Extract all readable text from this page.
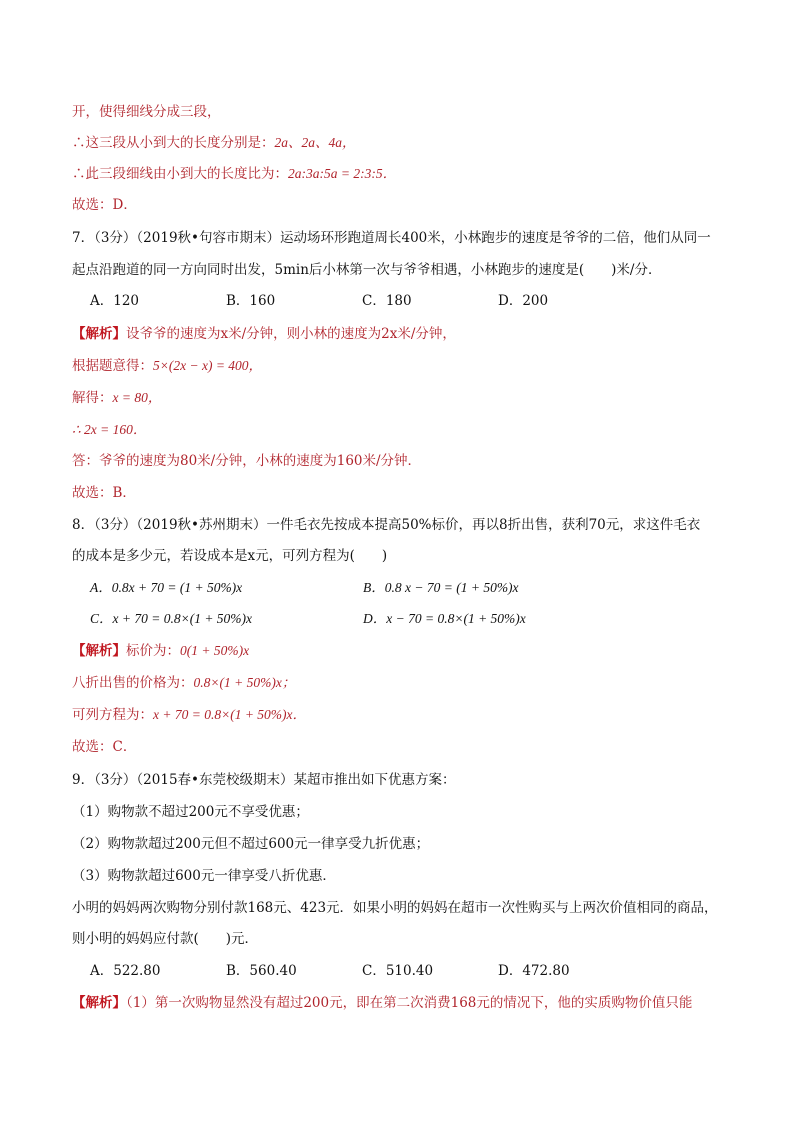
开，使得细线分成三段，
∴这三段从小到大的长度分别是：2a、2a、4a，
∴此三段细线由小到大的长度比为：2a:3a:5a = 2:3:5．
故选：D．
7．（3分）（2019秋•句容市期末）运动场环形跑道周长400米，小林跑步的速度是爷爷的二倍，他们从同一
起点沿跑道的同一方向同时出发，5min后小林第一次与爷爷相遇，小林跑步的速度是(　　)米/分．
A．120	B．160	C．180	D．200
【解析】设爷爷的速度为x米/分钟，则小林的速度为2x米/分钟，
根据题意得：5×(2x − x) = 400，
解得：x = 80，
∴ 2x = 160．
答：爷爷的速度为80米/分钟，小林的速度为160米/分钟．
故选：B．
8．（3分）（2019秋•苏州期末）一件毛衣先按成本提高50%标价，再以8折出售，获利70元，求这件毛衣
的成本是多少元，若设成本是x元，可列方程为(　　)
A．0.8x + 70 = (1 + 50%)x	B．0.8 x − 70 = (1 + 50%)x
C．x + 70 = 0.8×(1 + 50%)x	D．x − 70 = 0.8×(1 + 50%)x
【解析】标价为：0(1 + 50%)x
八折出售的价格为：0.8×(1 + 50%)x；
可列方程为：x + 70 = 0.8×(1 + 50%)x．
故选：C．
9．（3分）（2015春•东莞校级期末）某超市推出如下优惠方案：
（1）购物款不超过200元不享受优惠；
（2）购物款超过200元但不超过600元一律享受九折优惠；
（3）购物款超过600元一律享受八折优惠．
小明的妈妈两次购物分别付款168元、423元．如果小明的妈妈在超市一次性购买与上两次价值相同的商品，
则小明的妈妈应付款(　　)元．
A．522.80	B．560.40	C．510.40	D．472.80
【解析】（1）第一次购物显然没有超过200元，即在第二次消费168元的情况下，他的实质购物价值只能
